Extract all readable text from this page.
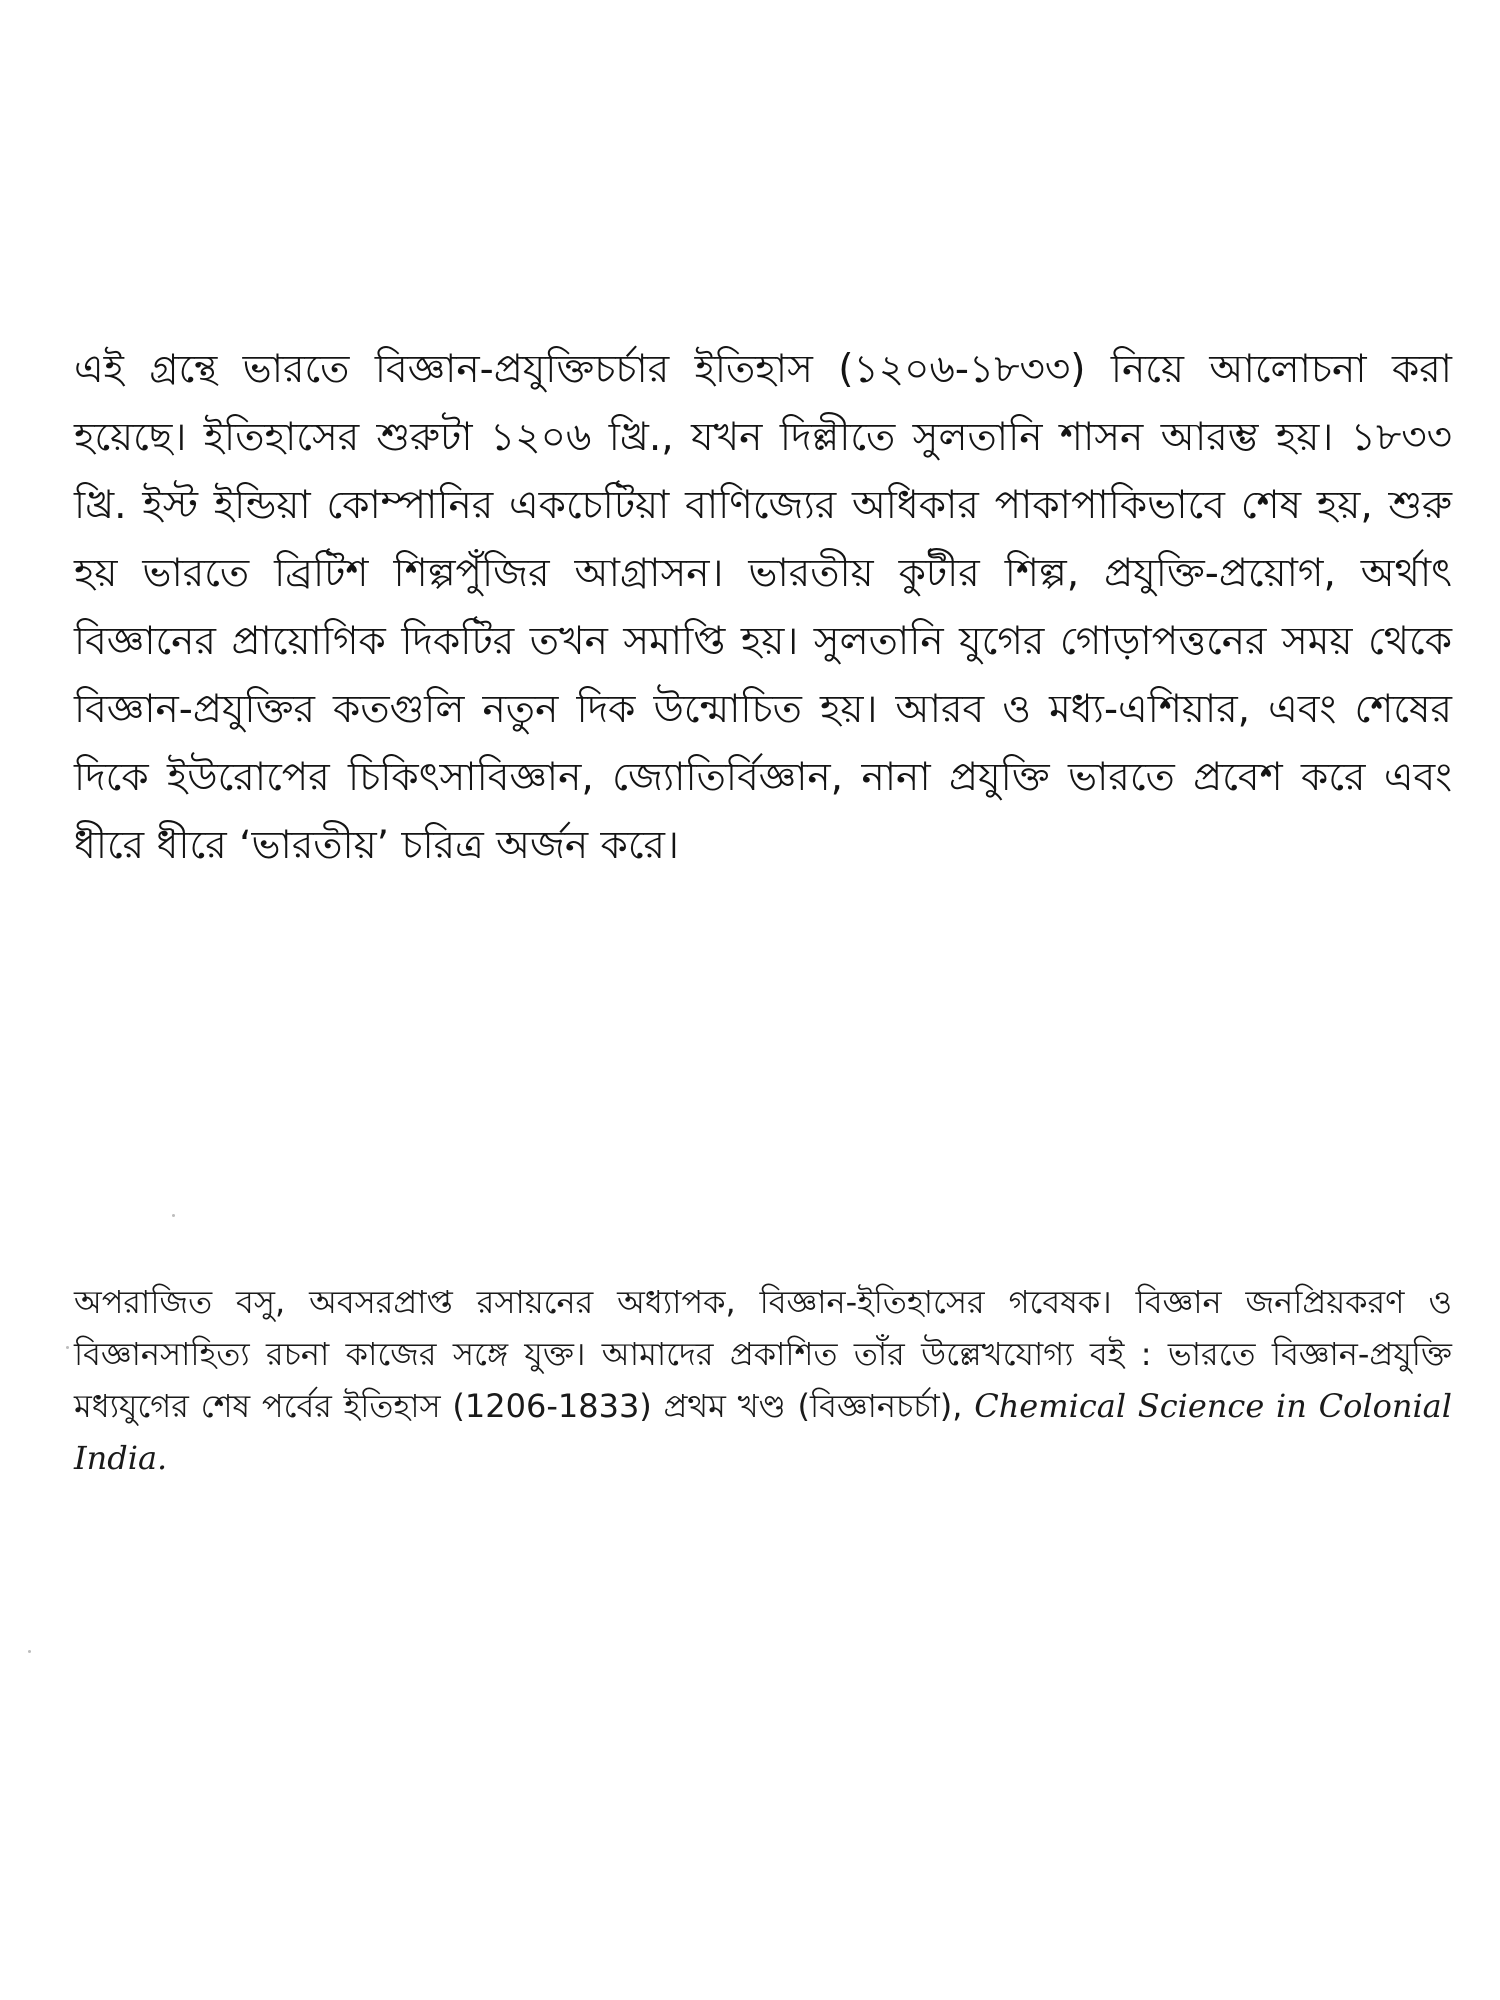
এই গ্রন্থে ভারতে বিজ্ঞান-প্রযুক্তিচর্চার ইতিহাস (১২০৬-১৮৩৩) নিয়ে আলোচনা করা হয়েছে। ইতিহাসের শুরুটা ১২০৬ খ্রি., যখন দিল্লীতে সুলতানি শাসন আরম্ভ হয়। ১৮৩৩ খ্রি. ইস্ট ইন্ডিয়া কোম্পানির একচেটিয়া বাণিজ্যের অধিকার পাকাপাকিভাবে শেষ হয়, শুরু হয় ভারতে ব্রিটিশ শিল্পপুঁজির আগ্রাসন। ভারতীয় কুটীর শিল্প, প্রযুক্তি-প্রয়োগ, অর্থাৎ বিজ্ঞানের প্রায়োগিক দিকটির তখন সমাপ্তি হয়। সুলতানি যুগের গোড়াপত্তনের সময় থেকে বিজ্ঞান-প্রযুক্তির কতগুলি নতুন দিক উন্মোচিত হয়। আরব ও মধ্য-এশিয়ার, এবং শেষের দিকে ইউরোপের চিকিৎসাবিজ্ঞান, জ্যোতির্বিজ্ঞান, নানা প্রযুক্তি ভারতে প্রবেশ করে এবং ধীরে ধীরে ‘ভারতীয়’ চরিত্র অর্জন করে।

অপরাজিত বসু, অবসরপ্রাপ্ত রসায়নের অধ্যাপক, বিজ্ঞান-ইতিহাসের গবেষক। বিজ্ঞান জনপ্রিয়করণ ও বিজ্ঞানসাহিত্য রচনা কাজের সঙ্গে যুক্ত। আমাদের প্রকাশিত তাঁর উল্লেখযোগ্য বই : ভারতে বিজ্ঞান-প্রযুক্তি মধ্যযুগের শেষ পর্বের ইতিহাস (1206-1833) প্রথম খণ্ড (বিজ্ঞানচর্চা), Chemical Science in Colonial India.
